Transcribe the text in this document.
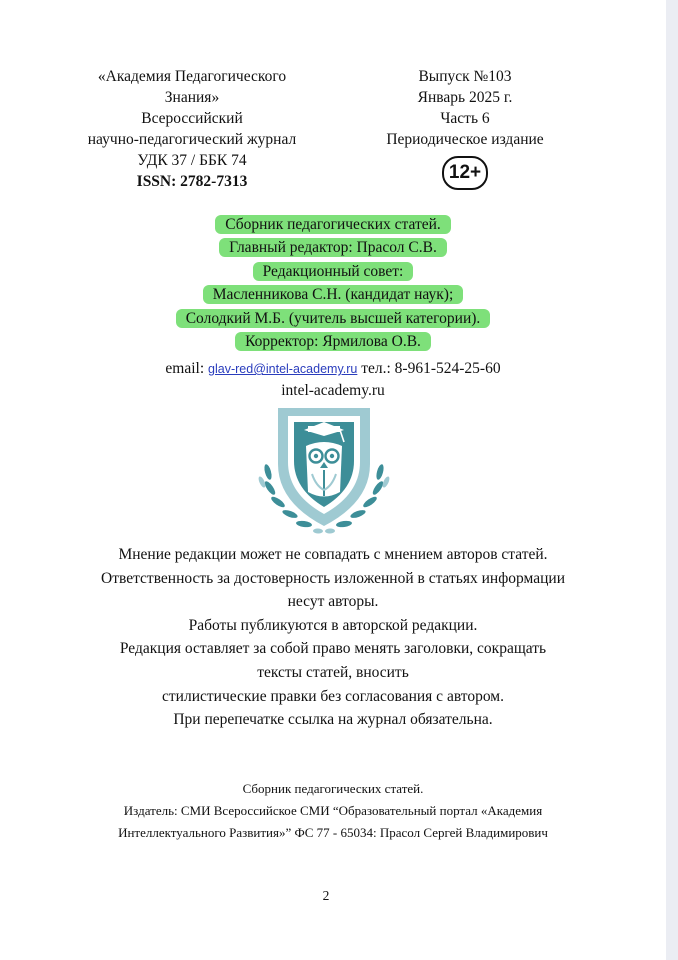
«Академия Педагогического
Знания»
Всероссийский
научно-педагогический журнал
УДК 37 / ББК 74
ISSN: 2782-7313
Выпуск №103
Январь 2025 г.
Часть 6
Периодическое издание
12+
Сборник педагогических статей.
Главный редактор: Прасол С.В.
Редакционный совет:
Масленникова С.Н. (кандидат наук);
Солодкий М.Б. (учитель высшей категории).
Корректор: Ярмилова О.В.
email: glav-red@intel-academy.ru тел.: 8-961-524-25-60
intel-academy.ru
Мнение редакции может не совпадать с мнением авторов статей.
Ответственность за достоверность изложенной в статьях информации
несут авторы.
Работы публикуются в авторской редакции.
Редакция оставляет за собой право менять заголовки, сокращать
тексты статей, вносить
стилистические правки без согласования с автором.
При перепечатке ссылка на журнал обязательна.
Сборник педагогических статей.
Издатель: СМИ Всероссийское СМИ “Образовательный портал «Академия
Интеллектуального Развития»” ФС 77 - 65034: Прасол Сергей Владимирович
2
